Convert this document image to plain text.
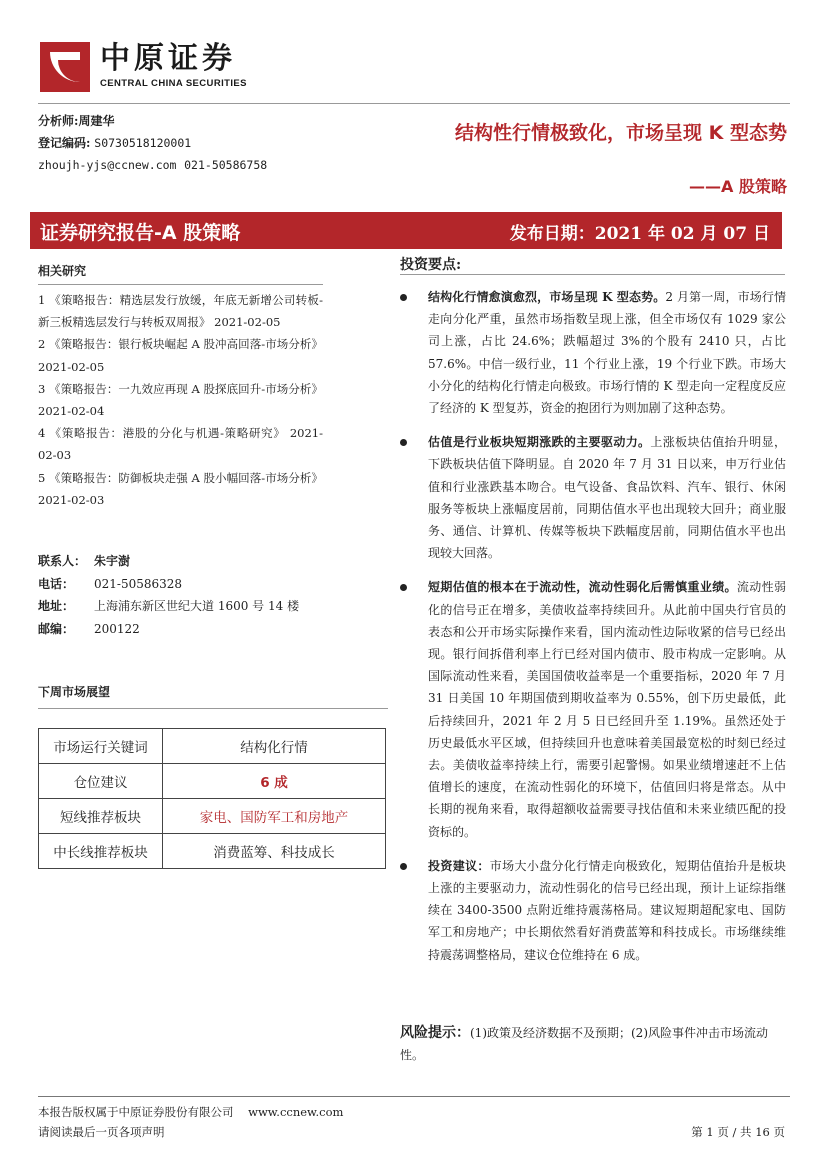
中原证券
CENTRAL CHINA SECURITIES
分析师:周建华
登记编码: S0730518120001
zhoujh-yjs@ccnew.com 021-50586758
结构性行情极致化，市场呈现 K 型态势
——A 股策略
证券研究报告-A 股策略	发布日期：2021 年 02 月 07 日
相关研究
1 《策略报告：精选层发行放缓，年底无新增公司转板-新三板精选层发行与转板双周报》 2021-02-05
2 《策略报告：银行板块崛起 A 股冲高回落-市场分析》 2021-02-05
3 《策略报告：一九效应再现 A 股探底回升-市场分析》 2021-02-04
4 《策略报告：港股的分化与机遇-策略研究》 2021-02-03
5 《策略报告：防御板块走强 A 股小幅回落-市场分析》 2021-02-03
联系人： 朱宇澍
电话： 021-50586328
地址： 上海浦东新区世纪大道 1600 号 14 楼
邮编： 200122
下周市场展望
市场运行关键词	结构化行情
仓位建议	6 成
短线推荐板块	家电、国防军工和房地产
中长线推荐板块	消费蓝筹、科技成长
投资要点:
结构化行情愈演愈烈，市场呈现 K 型态势。2 月第一周，市场行情走向分化严重，虽然市场指数呈现上涨，但全市场仅有 1029 家公司上涨，占比 24.6%；跌幅超过 3%的个股有 2410 只，占比 57.6%。中信一级行业，11 个行业上涨，19 个行业下跌。市场大小分化的结构化行情走向极致。市场行情的 K 型走向一定程度反应了经济的 K 型复苏，资金的抱团行为则加剧了这种态势。
估值是行业板块短期涨跌的主要驱动力。上涨板块估值抬升明显，下跌板块估值下降明显。自 2020 年 7 月 31 日以来，申万行业估值和行业涨跌基本吻合。电气设备、食品饮料、汽车、银行、休闲服务等板块上涨幅度居前，同期估值水平也出现较大回升；商业服务、通信、计算机、传媒等板块下跌幅度居前，同期估值水平也出现较大回落。
短期估值的根本在于流动性，流动性弱化后需慎重业绩。流动性弱化的信号正在增多，美债收益率持续回升。从此前中国央行官员的表态和公开市场实际操作来看，国内流动性边际收紧的信号已经出现。银行间拆借利率上行已经对国内债市、股市构成一定影响。从国际流动性来看，美国国债收益率是一个重要指标，2020 年 7 月 31 日美国 10 年期国债到期收益率为 0.55%，创下历史最低，此后持续回升，2021 年 2 月 5 日已经回升至 1.19%。虽然还处于历史最低水平区域，但持续回升也意味着美国最宽松的时刻已经过去。美债收益率持续上行，需要引起警惕。如果业绩增速赶不上估值增长的速度，在流动性弱化的环境下，估值回归将是常态。从中长期的视角来看，取得超额收益需要寻找估值和未来业绩匹配的投资标的。
投资建议：市场大小盘分化行情走向极致化，短期估值抬升是板块上涨的主要驱动力，流动性弱化的信号已经出现，预计上证综指继续在 3400-3500 点附近维持震荡格局。建议短期超配家电、国防军工和房地产；中长期依然看好消费蓝筹和科技成长。市场继续维持震荡调整格局，建议仓位维持在 6 成。
风险提示：(1)政策及经济数据不及预期；(2)风险事件冲击市场流动性。
本报告版权属于中原证券股份有限公司 www.ccnew.com
请阅读最后一页各项声明	第 1 页 / 共 16 页
